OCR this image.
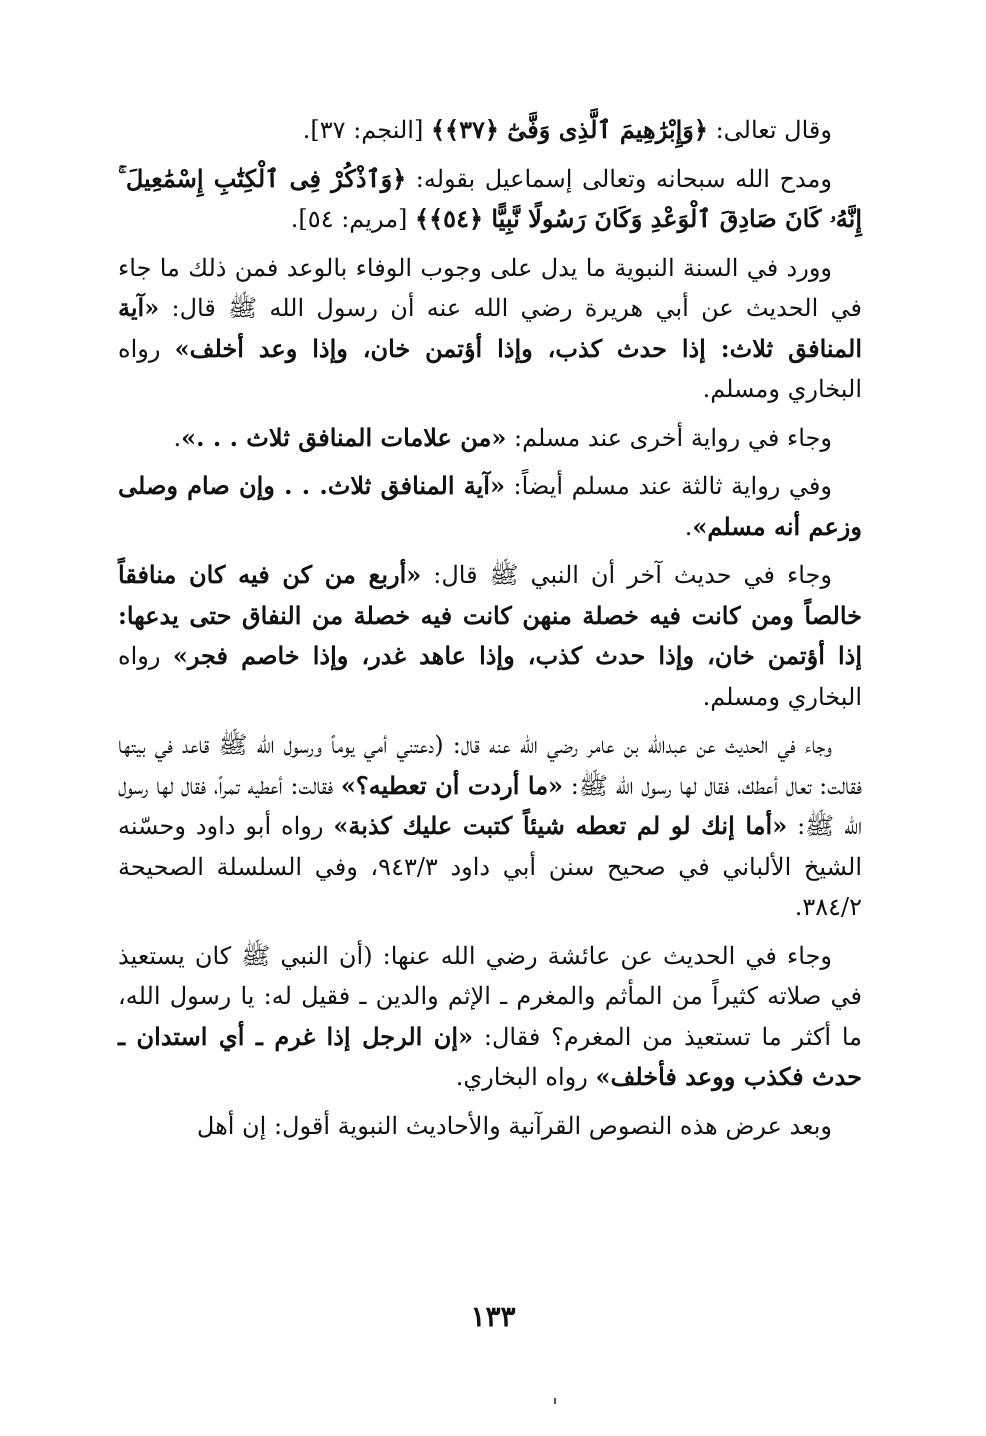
وقال تعالى: ﴿وَإِبْرَٰهِيمَ ٱلَّذِى وَفَّىٰٓ ﴿٣٧﴾﴾ [النجم: ٣٧].

ومدح الله سبحانه وتعالى إسماعيل بقوله: ﴿وَٱذْكُرْ فِى ٱلْكِتَٰبِ إِسْمَٰعِيلَ ۚ إِنَّهُۥ كَانَ صَادِقَ ٱلْوَعْدِ وَكَانَ رَسُولًا نَّبِيًّا ﴿٥٤﴾﴾ [مريم: ٥٤].

وورد في السنة النبوية ما يدل على وجوب الوفاء بالوعد فمن ذلك ما جاء في الحديث عن أبي هريرة رضي الله عنه أن رسول الله ﷺ قال: «آية المنافق ثلاث: إذا حدث كذب، وإذا أؤتمن خان، وإذا وعد أخلف» رواه البخاري ومسلم.

وجاء في رواية أخرى عند مسلم: «من علامات المنافق ثلاث . . .».

وفي رواية ثالثة عند مسلم أيضاً: «آية المنافق ثلاث. . . وإن صام وصلى وزعم أنه مسلم».

وجاء في حديث آخر أن النبي ﷺ قال: «أربع من كن فيه كان منافقاً خالصاً ومن كانت فيه خصلة منهن كانت فيه خصلة من النفاق حتى يدعها: إذا أؤتمن خان، وإذا حدث كذب، وإذا عاهد غدر، وإذا خاصم فجر» رواه البخاري ومسلم.

وجاء في الحديث عن عبدالله بن عامر رضي الله عنه قال: (دعتني أمي يوماً ورسول الله ﷺ قاعد في بيتها فقالت: تعال أعطك، فقال لها رسول الله ﷺ: «ما أردت أن تعطيه؟» فقالت: أعطيه تمراً، فقال لها رسول الله ﷺ: «أما إنك لو لم تعطه شيئاً كتبت عليك كذبة» رواه أبو داود وحسّنه الشيخ الألباني في صحيح سنن أبي داود ٩٤٣/٣، وفي السلسلة الصحيحة ٣٨٤/٢.

وجاء في الحديث عن عائشة رضي الله عنها: (أن النبي ﷺ كان يستعيذ في صلاته كثيراً من المأثم والمغرم ـ الإثم والدين ـ فقيل له: يا رسول الله، ما أكثر ما تستعيذ من المغرم؟ فقال: «إن الرجل إذا غرم ـ أي استدان ـ حدث فكذب ووعد فأخلف» رواه البخاري.

وبعد عرض هذه النصوص القرآنية والأحاديث النبوية أقول: إن أهل

١٣٣
